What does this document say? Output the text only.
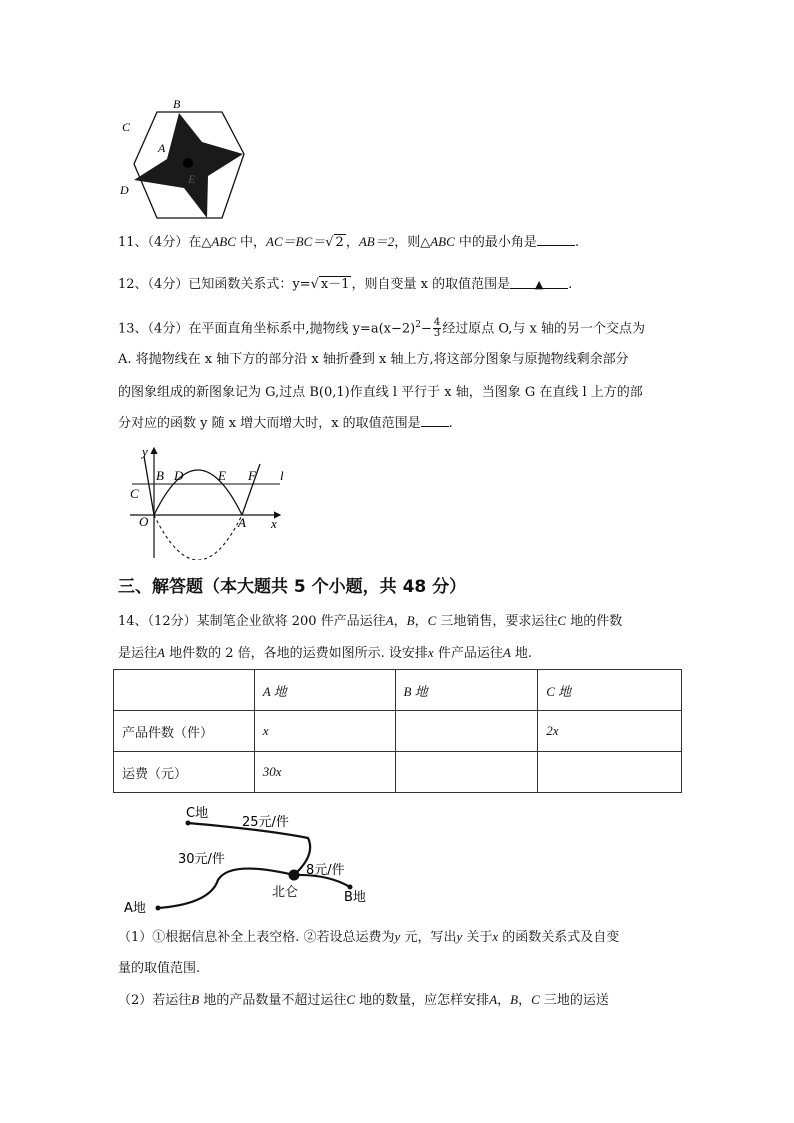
B
C
A
D
E
11、（4分）在△ABC 中，AC＝BC＝√ 2 ，AB＝2，则△ABC 中的最小角是	.
12、（4分）已知函数关系式：y=√ x－1 ，则自变量 x 的取值范围是 ▲ .
13、（4分）在平面直角坐标系中,抛物线 $y=a(x-2)^2- \frac{4}{3}$ 经过原点 O,与 x 轴的另一个交点为
A. 将抛物线在 x 轴下方的部分沿 x 轴折叠到 x 轴上方,将这部分图象与原抛物线剩余部分
的图象组成的新图象记为 G,过点 B(0,1)作直线 l 平行于 x 轴，当图象 G 在直线 l 上方的部
分对应的函数 y 随 x 增大而增大时，x 的取值范围是 .
y
B D	E F l
C
O	A x
三、解答题（本大题共 5 个小题，共 48 分）
14、（12分）某制笔企业欲将 200 件产品运往A，B，C 三地销售，要求运往C 地的件数
是运往A 地件数的 2 倍，各地的运费如图所示. 设安排x 件产品运往A 地.
	A 地	B 地	C 地
产品件数（件）	x		2x
运费（元）	30x		
C地
25元/件
30元/件
8元/件
北仑	B地
A地
（1）①根据信息补全上表空格. ②若设总运费为y 元，写出y 关于x 的函数关系式及自变
量的取值范围.
（2）若运往B 地的产品数量不超过运往C 地的数量，应怎样安排A，B，C 三地的运送
